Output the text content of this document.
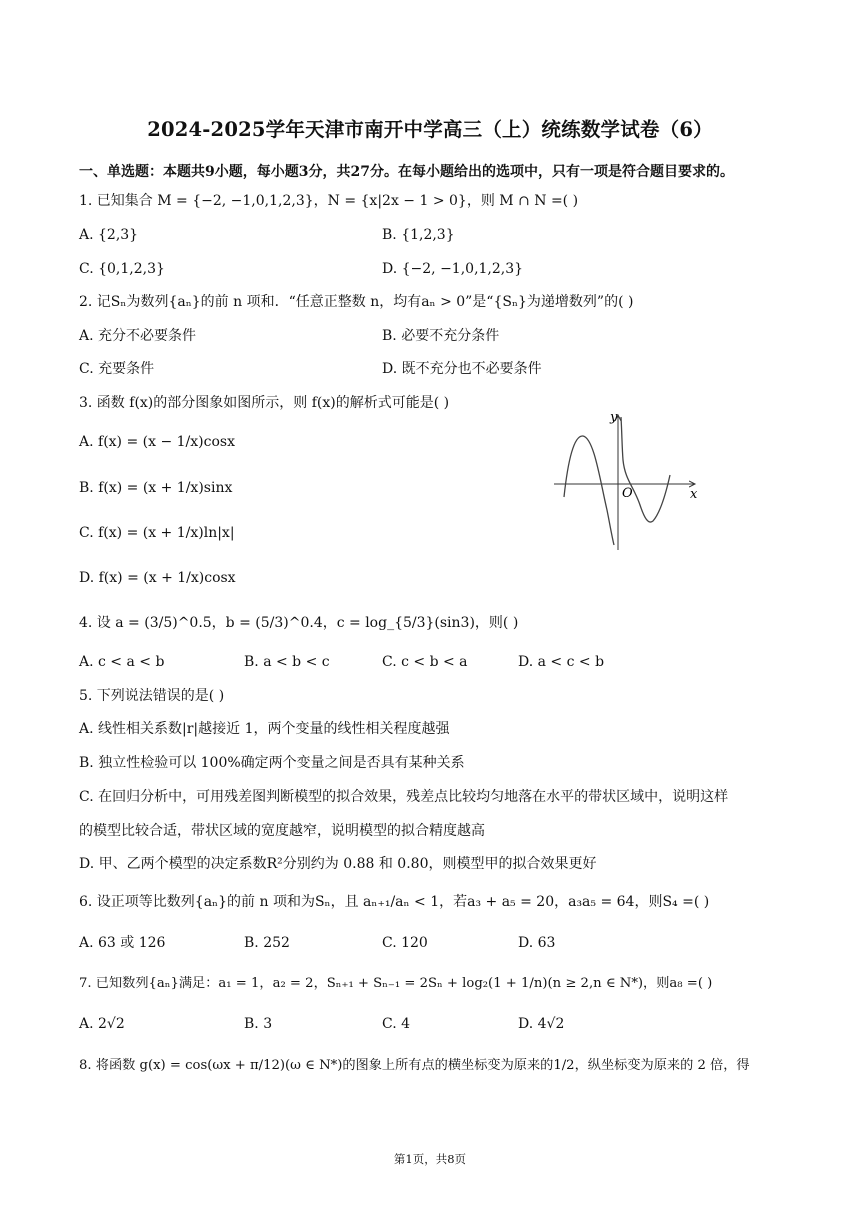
2024-2025学年天津市南开中学高三（上）统练数学试卷（6）
一、单选题：本题共9小题，每小题3分，共27分。在每小题给出的选项中，只有一项是符合题目要求的。
1. 已知集合 M = {−2, −1,0,1,2,3}，N = {x|2x − 1 > 0}，则 M ∩ N =( )
A. {2,3}	B. {1,2,3}
C. {0,1,2,3}	D. {−2, −1,0,1,2,3}
2. 记Sₙ为数列{aₙ}的前 n 项和．“任意正整数 n，均有aₙ > 0”是“{Sₙ}为递增数列”的( )
A. 充分不必要条件	B. 必要不充分条件
C. 充要条件	D. 既不充分也不必要条件
3. 函数 f(x)的部分图象如图所示，则 f(x)的解析式可能是( )
A. f(x) = (x − 1/x)cosx
B. f(x) = (x + 1/x)sinx
C. f(x) = (x + 1/x)ln|x|
D. f(x) = (x + 1/x)cosx
y
x
O
4. 设 a = (3/5)^0.5，b = (5/3)^0.4，c = log_{5/3}(sin3)，则( )
A. c < a < b	B. a < b < c	C. c < b < a	D. a < c < b
5. 下列说法错误的是( )
A. 线性相关系数|r|越接近 1，两个变量的线性相关程度越强
B. 独立性检验可以 100%确定两个变量之间是否具有某种关系
C. 在回归分析中，可用残差图判断模型的拟合效果，残差点比较均匀地落在水平的带状区域中，说明这样
的模型比较合适，带状区域的宽度越窄，说明模型的拟合精度越高
D. 甲、乙两个模型的决定系数R²分别约为 0.88 和 0.80，则模型甲的拟合效果更好
6. 设正项等比数列{aₙ}的前 n 项和为Sₙ，且 aₙ₊₁/aₙ < 1，若a₃ + a₅ = 20，a₃a₅ = 64，则S₄ =( )
A. 63 或 126	B. 252	C. 120	D. 63
7. 已知数列{aₙ}满足：a₁ = 1，a₂ = 2，Sₙ₊₁ + Sₙ₋₁ = 2Sₙ + log₂(1 + 1/n)(n ≥ 2,n ∈ N*)，则a₈ =( )
A. 2√2	B. 3	C. 4	D. 4√2
8. 将函数 g(x) = cos(ωx + π/12)(ω ∈ N*)的图象上所有点的横坐标变为原来的1/2，纵坐标变为原来的 2 倍，得
第1页，共8页
